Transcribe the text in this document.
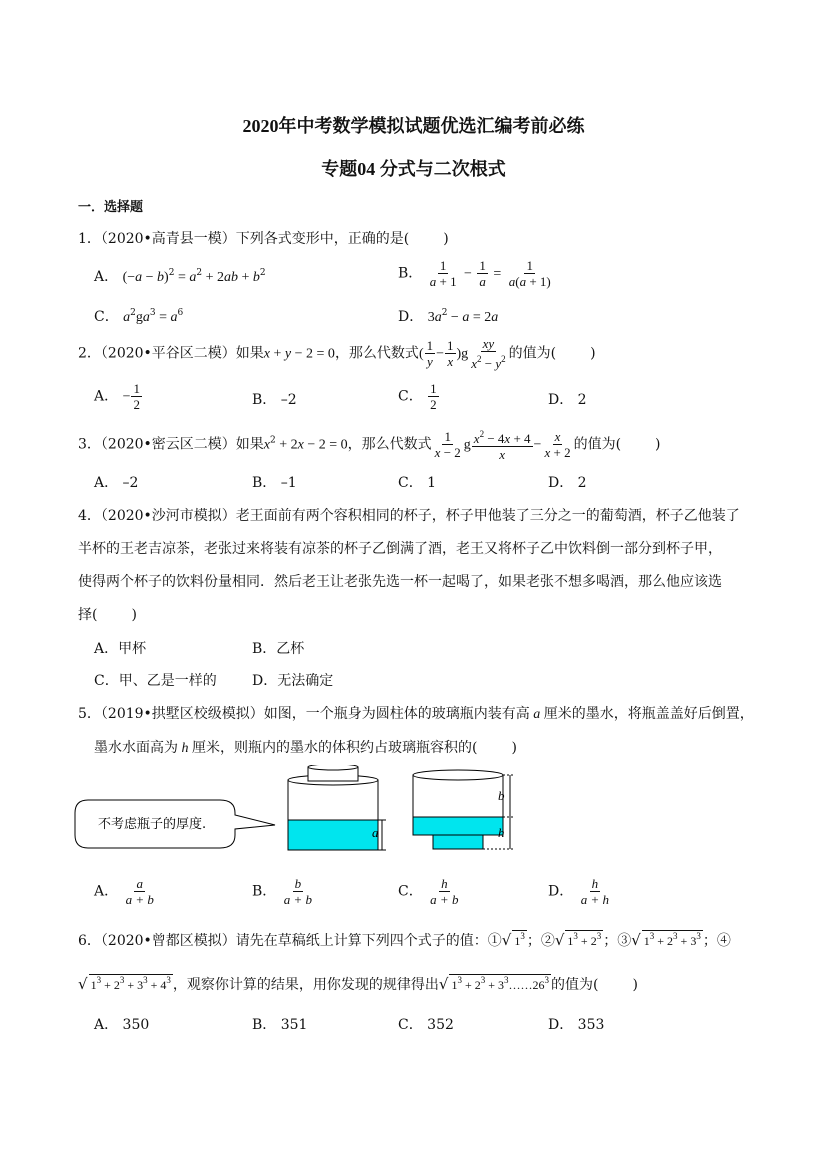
2020年中考数学模拟试题优选汇编考前必练
专题04 分式与二次根式
一．选择题
1．（2020•高青县一模）下列各式变形中，正确的是( )
A． $(-a - b)^2 = a^2 + 2ab + b^2$	B． $\frac{1}{a + 1} - \frac{1}{a} = \frac{1}{a(a + 1)}$
C． $a^2ga^3 = a^6$	D． $3a^2 - a = 2a$
2．（2020•平谷区二模）如果x + y − 2 = 0，那么代数式( $\frac{1}{y} - \frac{1}{x} )g \frac{xy}{x^2 - y^2}$ 的值为( )
A． − $\frac{1}{2}$	B． –2	C． $\frac{1}{2}$	D． 2
3．（2020•密云区二模）如果$x^2 + 2x - 2 = 0$，那么代数式 $\frac{1}{x - 2}$ g $\frac{x^2 - 4x + 4}{x} - \frac{x}{x + 2}$ 的值为( )
A． –2	B． –1	C． 1	D． 2
4．（2020•沙河市模拟）老王面前有两个容积相同的杯子，杯子甲他装了三分之一的葡萄酒，杯子乙他装了
半杯的王老吉凉茶，老张过来将装有凉茶的杯子乙倒满了酒，老王又将杯子乙中饮料倒一部分到杯子甲，
使得两个杯子的饮料份量相同．然后老王让老张先选一杯一起喝了，如果老张不想多喝酒，那么他应该选
择( )
A．甲杯	B．乙杯
C．甲、乙是一样的	D．无法确定
5．（2019•拱墅区校级模拟）如图，一个瓶身为圆柱体的玻璃瓶内装有高 a 厘米的墨水，将瓶盖盖好后倒置，
墨水水面高为 h 厘米，则瓶内的墨水的体积约占玻璃瓶容积的( )
不考虑瓶子的厚度.
a
b
h
A． $\frac{a}{a + b}$	B． $\frac{b}{a + b}$	C． $\frac{h}{a + b}$	D． $\frac{h}{a + h}$
6．（2020•曾都区模拟）请先在草稿纸上计算下列四个式子的值：①√ $1^3$ ；②√ $1^3 + 2^3$ ；③√ $1^3 + 2^3 + 3^3$ ；④
√ $1^3 + 2^3 + 3^3 + 4^3$ ，观察你计算的结果，用你发现的规律得出√ $1^3 + 2^3$ + $3^3\dots\dots 26^3$ 的值为( )
A． 350	B． 351	C． 352	D． 353
